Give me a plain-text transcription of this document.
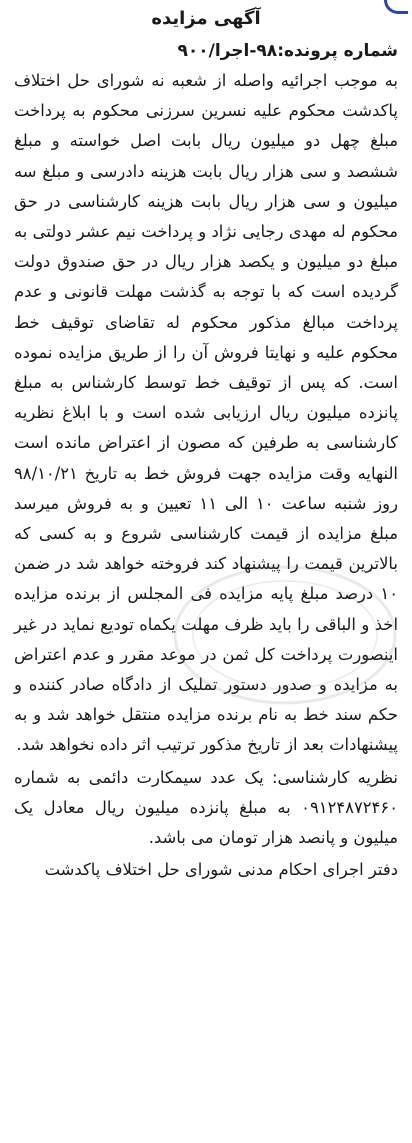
آگهی مزایده

شماره پرونده:۹۸-اجرا/۹۰۰

به موجب اجرائیه واصله از شعبه نه شورای حل اختلاف پاکدشت محکوم علیه نسرین سرزنی محکوم به پرداخت مبلغ چهل دو میلیون ریال بابت اصل خواسته و مبلغ ششصد و سی هزار ریال بابت هزینه دادرسی و مبلغ سه میلیون و سی هزار ریال بابت هزینه کارشناسی در حق محکوم له مهدی رجایی نژاد و پرداخت نیم عشر دولتی به مبلغ دو میلیون و یکصد هزار ریال در حق صندوق دولت گردیده است که با توجه به گذشت مهلت قانونی و عدم پرداخت مبالغ مذکور محکوم له تقاضای توقیف خط محکوم علیه و نهایتا فروش آن را از طریق مزایده نموده است. که پس از توقیف خط توسط کارشناس به مبلغ پانزده میلیون ریال ارزیابی شده است و با ابلاغ نظریه کارشناسی به طرفین که مصون از اعتراض مانده است النهایه وقت مزایده جهت فروش خط به تاریخ ۹۸/۱۰/۲۱ روز شنبه ساعت ۱۰ الی ۱۱ تعیین و به فروش میرسد مبلغ مزایده از قیمت کارشناسی شروع و به کسی که بالاترین قیمت را پیشنهاد کند فروخته خواهد شد در ضمن ۱۰ درصد مبلغ پایه مزایده فی المجلس از برنده مزایده اخذ و الباقی را باید ظرف مهلت یکماه تودیع نماید در غیر اینصورت پرداخت کل ثمن در موعد مقرر و عدم اعتراض به مزایده و صدور دستور تملیک از دادگاه صادر کننده و حکم سند خط به نام برنده مزایده منتقل خواهد شد و به پیشنهادات بعد از تاریخ مذکور ترتیب اثر داده نخواهد شد.

نظریه کارشناسی: یک عدد سیمکارت دائمی به شماره ۰۹۱۲۴۸۷۲۴۶۰ به مبلغ پانزده میلیون ریال معادل یک میلیون و پانصد هزار تومان می باشد.

دفتر اجرای احکام مدنی شورای حل اختلاف پاکدشت
